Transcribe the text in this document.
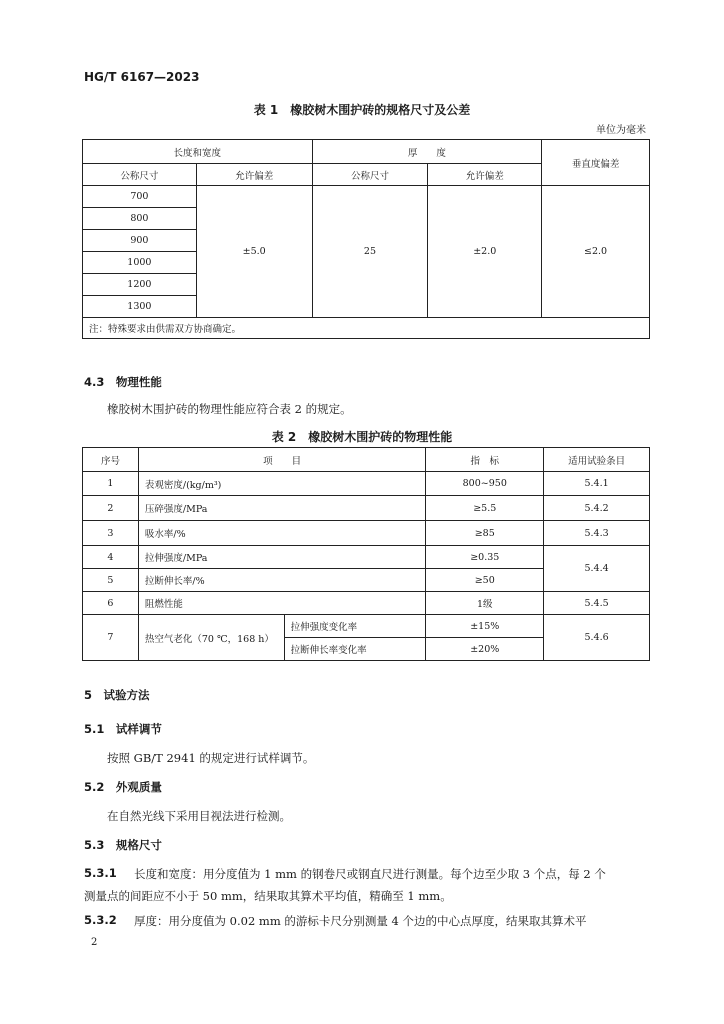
HG/T 6167—2023
表 1　橡胶树木围护砖的规格尺寸及公差
单位为毫米
长度和宽度		厚　　度		垂直度偏差
公称尺寸	允许偏差	公称尺寸	允许偏差	
700	±5.0	25	±2.0	≤2.0
800				
900				
1000				
1200				
1300				
注：特殊要求由供需双方协商确定。				
4.3　物理性能
橡胶树木围护砖的物理性能应符合表 2 的规定。
表 2　橡胶树木围护砖的物理性能
序号	项　　目		指　标	适用试验条目
1	表观密度/(kg/m³)		800~950	5.4.1
2	压碎强度/MPa		≥5.5	5.4.2
3	吸水率/%		≥85	5.4.3
4	拉伸强度/MPa		≥0.35	5.4.4
5	拉断伸长率/%		≥50	
6	阻燃性能		1级	5.4.5
7	热空气老化（70 ℃，168 h）	拉伸强度变化率	±15%	5.4.6
		拉断伸长率变化率	±20%	
5　试验方法
5.1　试样调节
按照 GB/T 2941 的规定进行试样调节。
5.2　外观质量
在自然光线下采用目视法进行检测。
5.3　规格尺寸
5.3.1 长度和宽度：用分度值为 1 mm 的钢卷尺或钢直尺进行测量。每个边至少取 3 个点，每 2 个
测量点的间距应不小于 50 mm，结果取其算术平均值，精确至 1 mm。
5.3.2 厚度：用分度值为 0.02 mm 的游标卡尺分别测量 4 个边的中心点厚度，结果取其算术平
2
